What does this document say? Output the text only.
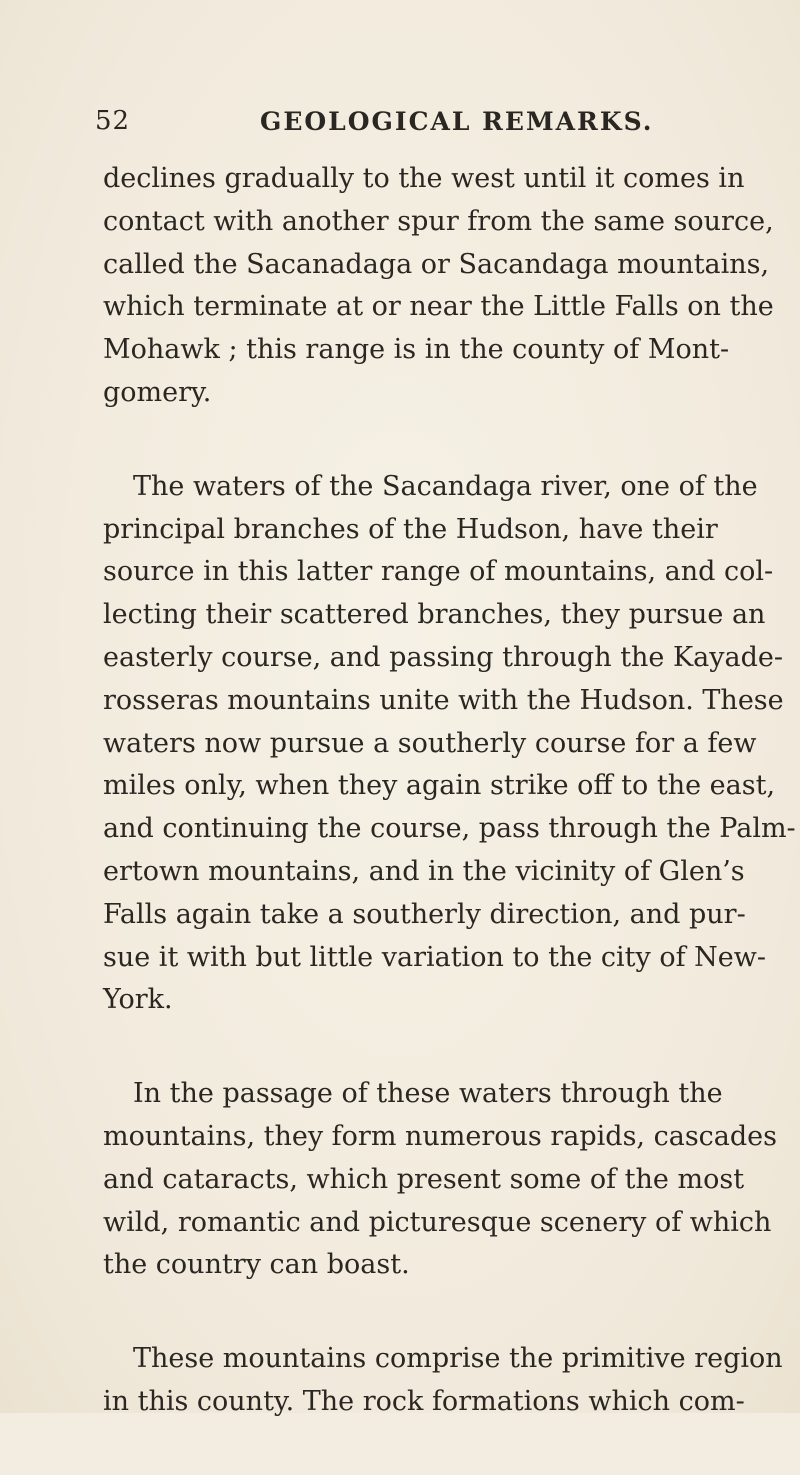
52	GEOLOGICAL REMARKS.
declines gradually to the west until it comes in
contact with another spur from the same source,
called the Sacanadaga or Sacandaga mountains,
which terminate at or near the Little Falls on the
Mohawk ; this range is in the county of Mont-
gomery.
The waters of the Sacandaga river, one of the
principal branches of the Hudson, have their
source in this latter range of mountains, and col-
lecting their scattered branches, they pursue an
easterly course, and passing through the Kayade-
rosseras mountains unite with the Hudson. These
waters now pursue a southerly course for a few
miles only, when they again strike off to the east,
and continuing the course, pass through the Palm-
ertown mountains, and in the vicinity of Glen’s
Falls again take a southerly direction, and pur-
sue it with but little variation to the city of New-
York.
In the passage of these waters through the
mountains, they form numerous rapids, cascades
and cataracts, which present some of the most
wild, romantic and picturesque scenery of which
the country can boast.
These mountains comprise the primitive region
in this county. The rock formations which com-
